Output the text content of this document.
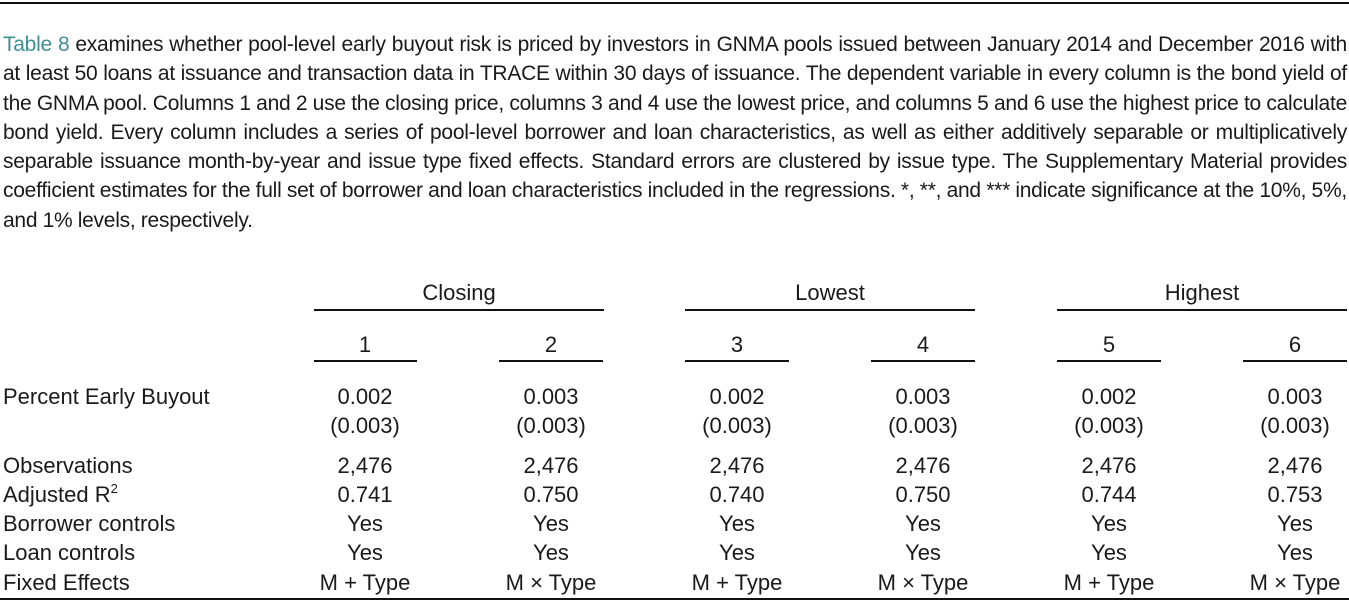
Table 8 examines whether pool-level early buyout risk is priced by investors in GNMA pools issued between January 2014 and December 2016 with at least 50 loans at issuance and transaction data in TRACE within 30 days of issuance. The dependent variable in every column is the bond yield of the GNMA pool. Columns 1 and 2 use the closing price, columns 3 and 4 use the lowest price, and columns 5 and 6 use the highest price to calculate bond yield. Every column includes a series of pool-level borrower and loan characteristics, as well as either additively separable or multiplicatively separable issuance month-by-year and issue type fixed effects. Standard errors are clustered by issue type. The Supplementary Material provides coefficient estimates for the full set of borrower and loan characteristics included in the regressions. *, **, and *** indicate significance at the 10%, 5%, and 1% levels, respectively.
Closing	Lowest	Highest
1	2	3	4	5	6
Percent Early Buyout	0.002	0.003	0.002	0.003	0.002	0.003
(0.003)	(0.003)	(0.003)	(0.003)	(0.003)	(0.003)
Observations	2,476	2,476	2,476	2,476	2,476	2,476
Adjusted $R^2$	0.741	0.750	0.740	0.750	0.744	0.753
Borrower controls	Yes	Yes	Yes	Yes	Yes	Yes
Loan controls	Yes	Yes	Yes	Yes	Yes	Yes
Fixed Effects	M + Type	M × Type	M + Type	M × Type	M + Type	M × Type
